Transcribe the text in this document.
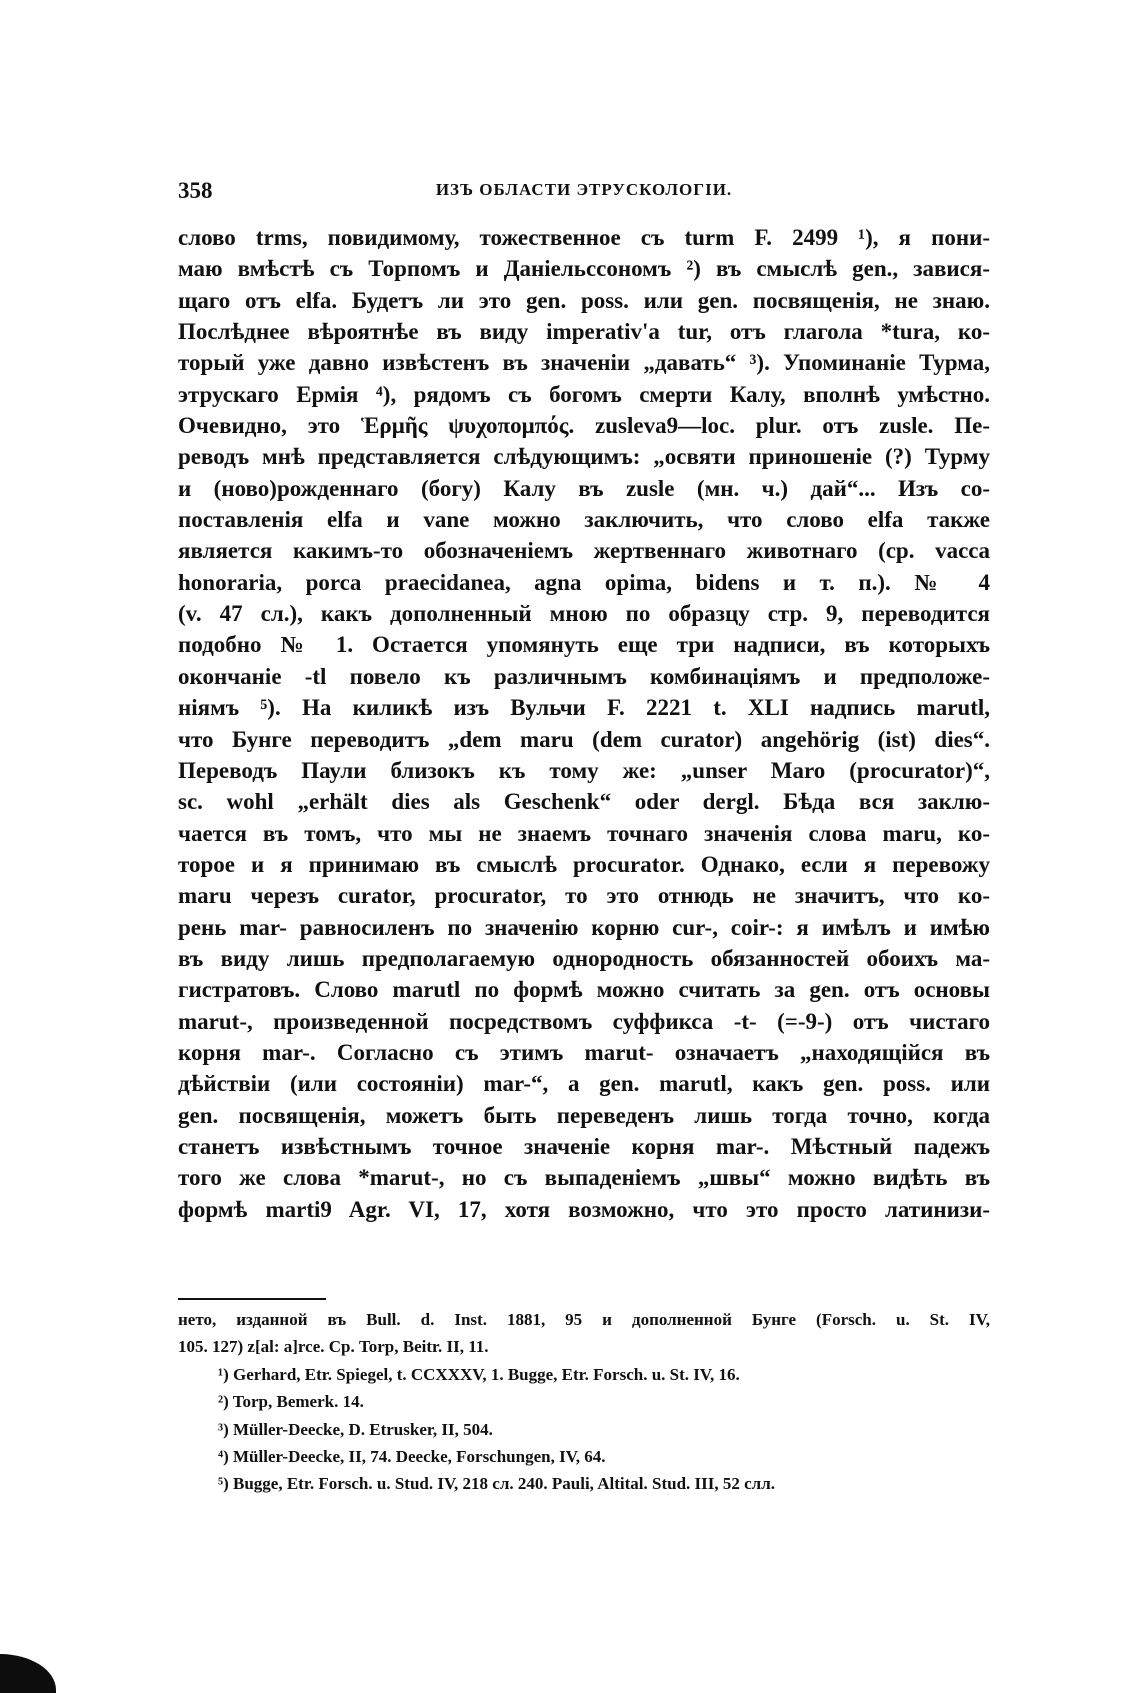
358	ИЗЪ ОБЛАСТИ ЭТРУСКОЛОГІИ.
слово trms, повидимому, тожественное съ turm F. 2499 ¹), я пони-
маю вмѣстѣ съ Торпомъ и Даніельссономъ ²) въ смыслѣ gen., завися-
щаго отъ elfa. Будетъ ли это gen. poss. или gen. посвященія, не знаю.
Послѣднее вѣроятнѣе въ виду imperativ'а tur, отъ глагола *tura, ко-
торый уже давно извѣстенъ въ значеніи „давать“ ³). Упоминаніе Турма,
этрускаго Ермія ⁴), рядомъ съ богомъ смерти Калу, вполнѣ умѣстно.
Очевидно, это Ἑρμῆς ψυχοπομπός. zusleva9—loc. plur. отъ zusle. Пе-
реводъ мнѣ представляется слѣдующимъ: „освяти приношеніе (?) Турму
и (ново)рожденнаго (богу) Калу въ zusle (мн. ч.) дай“... Изъ со-
поставленія elfa и vane можно заключить, что слово elfa также
является какимъ-то обозначеніемъ жертвеннаго животнаго (ср. vacca
honoraria, porca praecidanea, agna opima, bidens и т. п.). № 4
(v. 47 сл.), какъ дополненный мною по образцу стр. 9, переводится
подобно № 1. Остается упомянуть еще три надписи, въ которыхъ
окончаніе -tl повело къ различнымъ комбинаціямъ и предположе-
ніямъ ⁵). На киликѣ изъ Вульчи F. 2221 t. XLI надпись marutl,
что Бунге переводитъ „dem maru (dem curator) angehörig (ist) dies“.
Переводъ Паули близокъ къ тому же: „unser Maro (procurator)“,
sc. wohl „erhält dies als Geschenk“ oder dergl. Бѣда вся заклю-
чается въ томъ, что мы не знаемъ точнаго значенія слова maru, ко-
торое и я принимаю въ смыслѣ procurator. Однако, если я перевожу
maru черезъ curator, procurator, то это отнюдь не значитъ, что ко-
рень mar- равносиленъ по значенію корню cur-, coir-: я имѣлъ и имѣю
въ виду лишь предполагаемую однородность обязанностей обоихъ ма-
гистратовъ. Слово marutl по формѣ можно считать за gen. отъ основы
marut-, произведенной посредствомъ суффикса -t- (=-9-) отъ чистаго
корня mar-. Согласно съ этимъ marut- означаетъ „находящійся въ
дѣйствіи (или состояніи) mar-“, а gen. marutl, какъ gen. poss. или
gen. посвященія, можетъ быть переведенъ лишь тогда точно, когда
станетъ извѣстнымъ точное значеніе корня mar-. Мѣстный падежъ
того же слова *marut-, но съ выпаденіемъ „швы“ можно видѣть въ
формѣ marti9 Agr. VI, 17, хотя возможно, что это просто латинизи-
нето, изданной въ Bull. d. Inst. 1881, 95 и дополненной Бунге (Forsch. u. St. IV,
105. 127) z[al: a]rce. Ср. Torp, Beitr. II, 11.
¹) Gerhard, Etr. Spiegel, t. CCXXXV, 1. Bugge, Etr. Forsch. u. St. IV, 16.
²) Torp, Bemerk. 14.
³) Müller-Deecke, D. Etrusker, II, 504.
⁴) Müller-Deecke, II, 74. Deecke, Forschungen, IV, 64.
⁵) Bugge, Etr. Forsch. u. Stud. IV, 218 сл. 240. Pauli, Altital. Stud. III, 52 слл.
